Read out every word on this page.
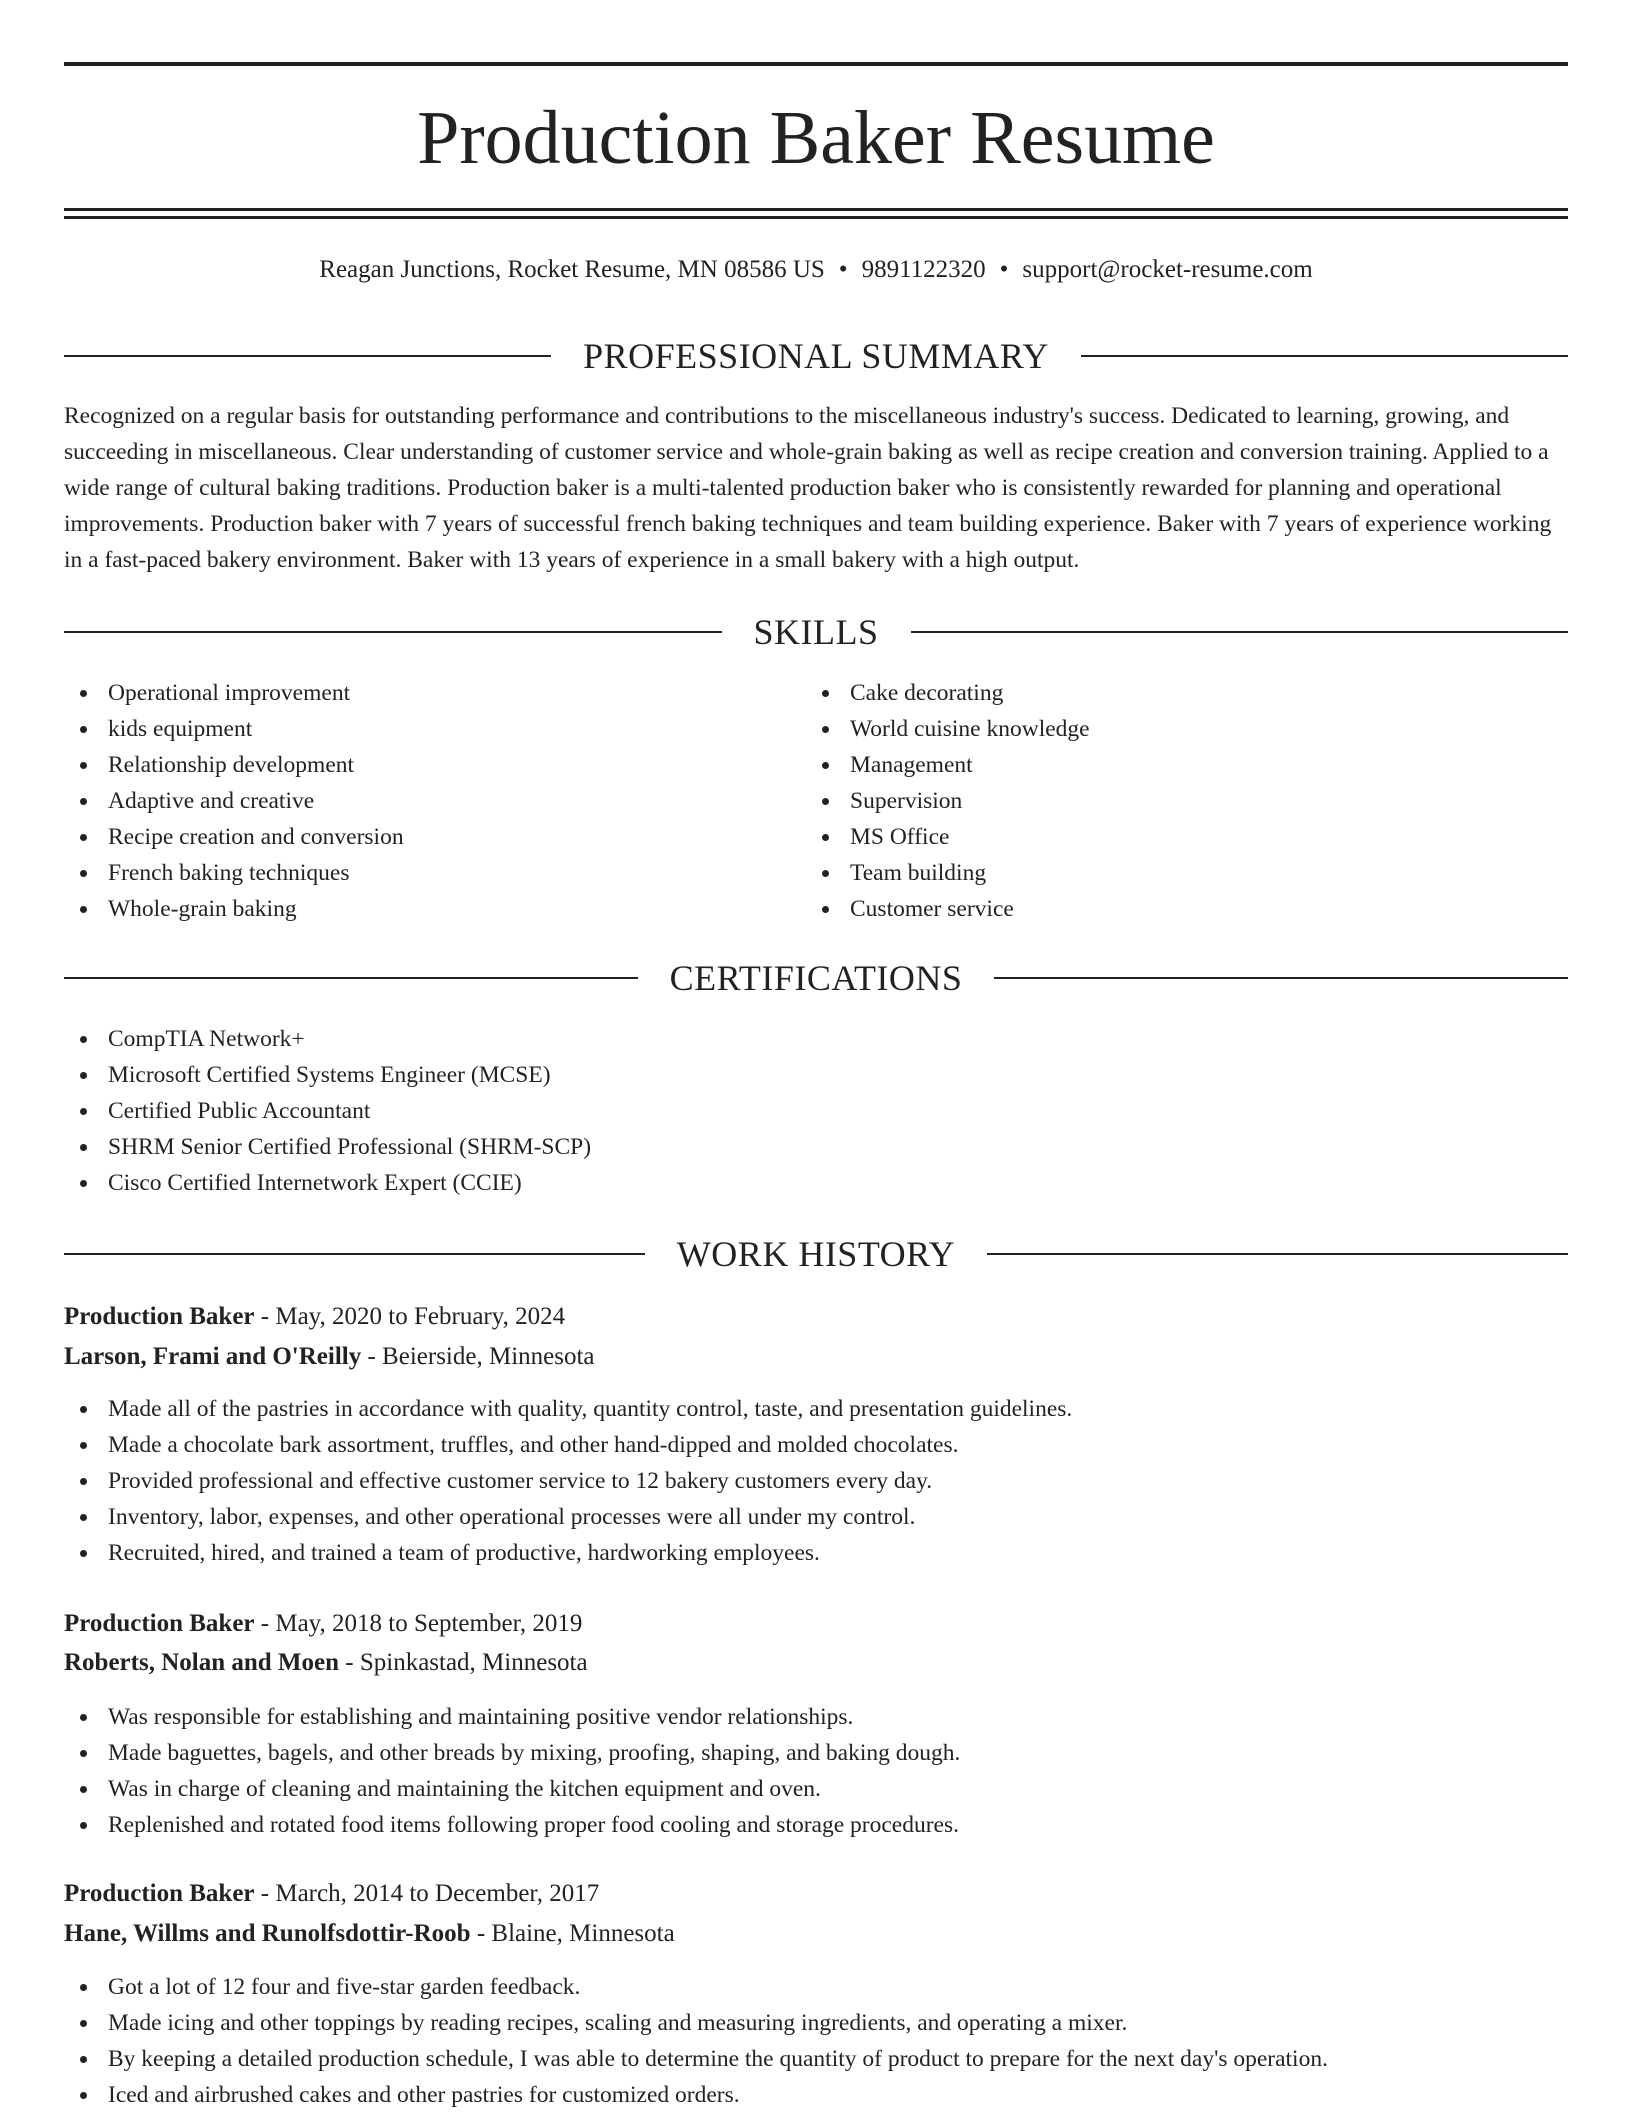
Production Baker Resume
Reagan Junctions, Rocket Resume, MN 08586 US • 9891122320 • support@rocket-resume.com
PROFESSIONAL SUMMARY

Recognized on a regular basis for outstanding performance and contributions to the miscellaneous industry's success. Dedicated to learning, growing, and succeeding in miscellaneous. Clear understanding of customer service and whole-grain baking as well as recipe creation and conversion training. Applied to a wide range of cultural baking traditions. Production baker is a multi-talented production baker who is consistently rewarded for planning and operational improvements. Production baker with 7 years of successful french baking techniques and team building experience. Baker with 7 years of experience working in a fast-paced bakery environment. Baker with 13 years of experience in a small bakery with a high output.

SKILLS
Operational improvement
kids equipment
Relationship development
Adaptive and creative
Recipe creation and conversion
French baking techniques
Whole-grain baking
Cake decorating
World cuisine knowledge
Management
Supervision
MS Office
Team building
Customer service
CERTIFICATIONS
CompTIA Network+
Microsoft Certified Systems Engineer (MCSE)
Certified Public Accountant
SHRM Senior Certified Professional (SHRM-SCP)
Cisco Certified Internetwork Expert (CCIE)
WORK HISTORY
Production Baker - May, 2020 to February, 2024
Larson, Frami and O'Reilly - Beierside, Minnesota
Made all of the pastries in accordance with quality, quantity control, taste, and presentation guidelines.
Made a chocolate bark assortment, truffles, and other hand-dipped and molded chocolates.
Provided professional and effective customer service to 12 bakery customers every day.
Inventory, labor, expenses, and other operational processes were all under my control.
Recruited, hired, and trained a team of productive, hardworking employees.
Production Baker - May, 2018 to September, 2019
Roberts, Nolan and Moen - Spinkastad, Minnesota
Was responsible for establishing and maintaining positive vendor relationships.
Made baguettes, bagels, and other breads by mixing, proofing, shaping, and baking dough.
Was in charge of cleaning and maintaining the kitchen equipment and oven.
Replenished and rotated food items following proper food cooling and storage procedures.
Production Baker - March, 2014 to December, 2017
Hane, Willms and Runolfsdottir-Roob - Blaine, Minnesota
Got a lot of 12 four and five-star garden feedback.
Made icing and other toppings by reading recipes, scaling and measuring ingredients, and operating a mixer.
By keeping a detailed production schedule, I was able to determine the quantity of product to prepare for the next day's operation.
Iced and airbrushed cakes and other pastries for customized orders.
